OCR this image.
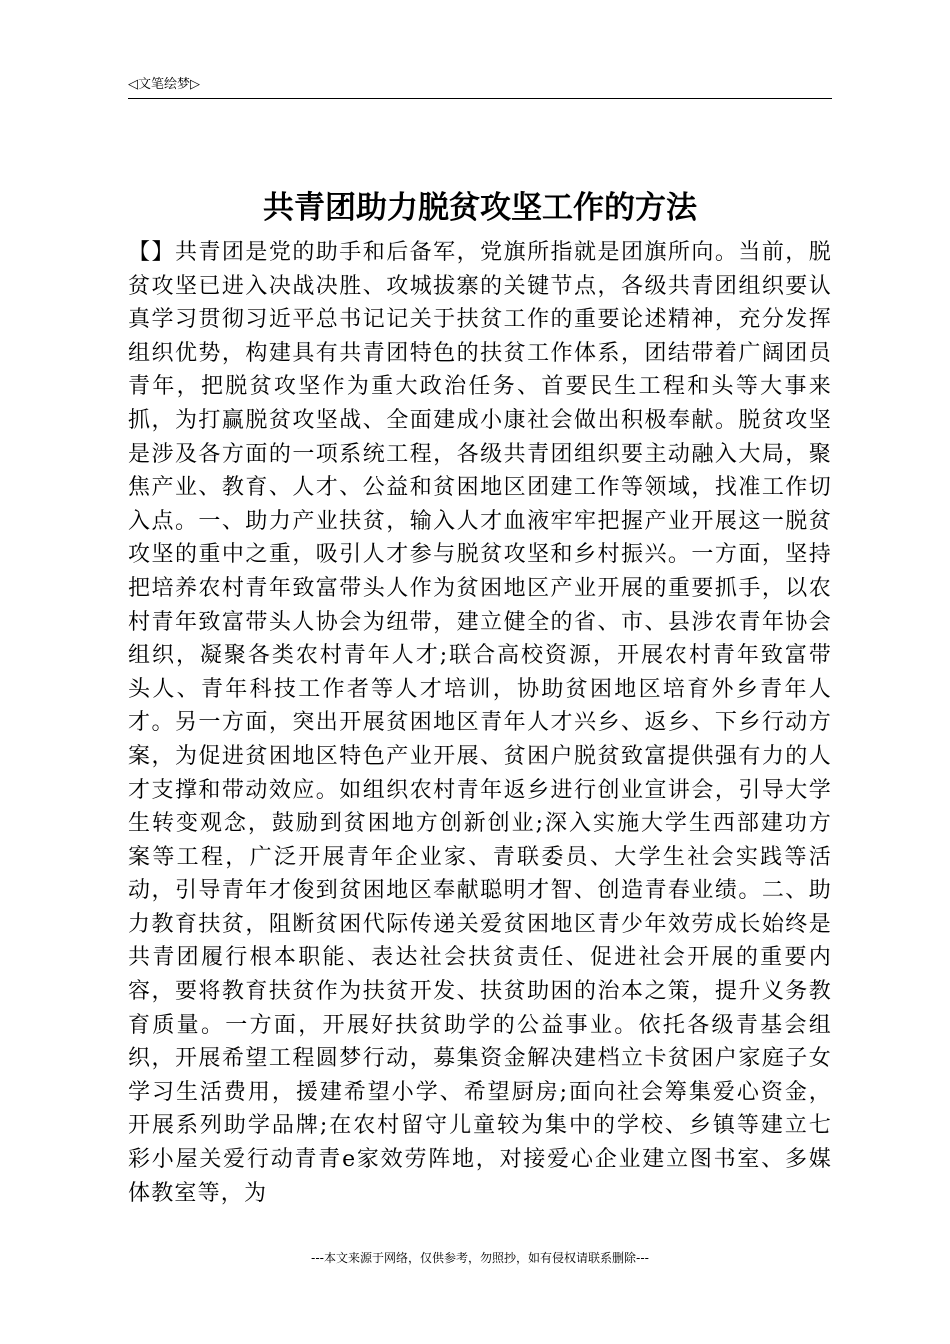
◁文笔绘梦▷
共青团助力脱贫攻坚工作的方法
【】共青团是党的助手和后备军，党旗所指就是团旗所向。当前，脱贫攻坚已进入决战决胜、攻城拔寨的关键节点，各级共青团组织要认真学习贯彻习近平总书记记关于扶贫工作的重要论述精神，充分发挥组织优势，构建具有共青团特色的扶贫工作体系，团结带着广阔团员青年，把脱贫攻坚作为重大政治任务、首要民生工程和头等大事来抓，为打赢脱贫攻坚战、全面建成小康社会做出积极奉献。脱贫攻坚是涉及各方面的一项系统工程，各级共青团组织要主动融入大局，聚焦产业、教育、人才、公益和贫困地区团建工作等领域，找准工作切入点。一、助力产业扶贫，输入人才血液牢牢把握产业开展这一脱贫攻坚的重中之重，吸引人才参与脱贫攻坚和乡村振兴。一方面，坚持把培养农村青年致富带头人作为贫困地区产业开展的重要抓手，以农村青年致富带头人协会为纽带，建立健全的省、市、县涉农青年协会组织，凝聚各类农村青年人才;联合高校资源，开展农村青年致富带头人、青年科技工作者等人才培训，协助贫困地区培育外乡青年人才。另一方面，突出开展贫困地区青年人才兴乡、返乡、下乡行动方案，为促进贫困地区特色产业开展、贫困户脱贫致富提供强有力的人才支撑和带动效应。如组织农村青年返乡进行创业宣讲会，引导大学生转变观念，鼓励到贫困地方创新创业;深入实施大学生西部建功方案等工程，广泛开展青年企业家、青联委员、大学生社会实践等活动，引导青年才俊到贫困地区奉献聪明才智、创造青春业绩。二、助力教育扶贫，阻断贫困代际传递关爱贫困地区青少年效劳成长始终是共青团履行根本职能、表达社会扶贫责任、促进社会开展的重要内容，要将教育扶贫作为扶贫开发、扶贫助困的治本之策，提升义务教育质量。一方面，开展好扶贫助学的公益事业。依托各级青基会组织，开展希望工程圆梦行动，募集资金解决建档立卡贫困户家庭子女学习生活费用，援建希望小学、希望厨房;面向社会筹集爱心资金，开展系列助学品牌;在农村留守儿童较为集中的学校、乡镇等建立七彩小屋关爱行动青青e家效劳阵地，对接爱心企业建立图书室、多媒体教室等，为
---本文来源于网络，仅供参考，勿照抄，如有侵权请联系删除---
